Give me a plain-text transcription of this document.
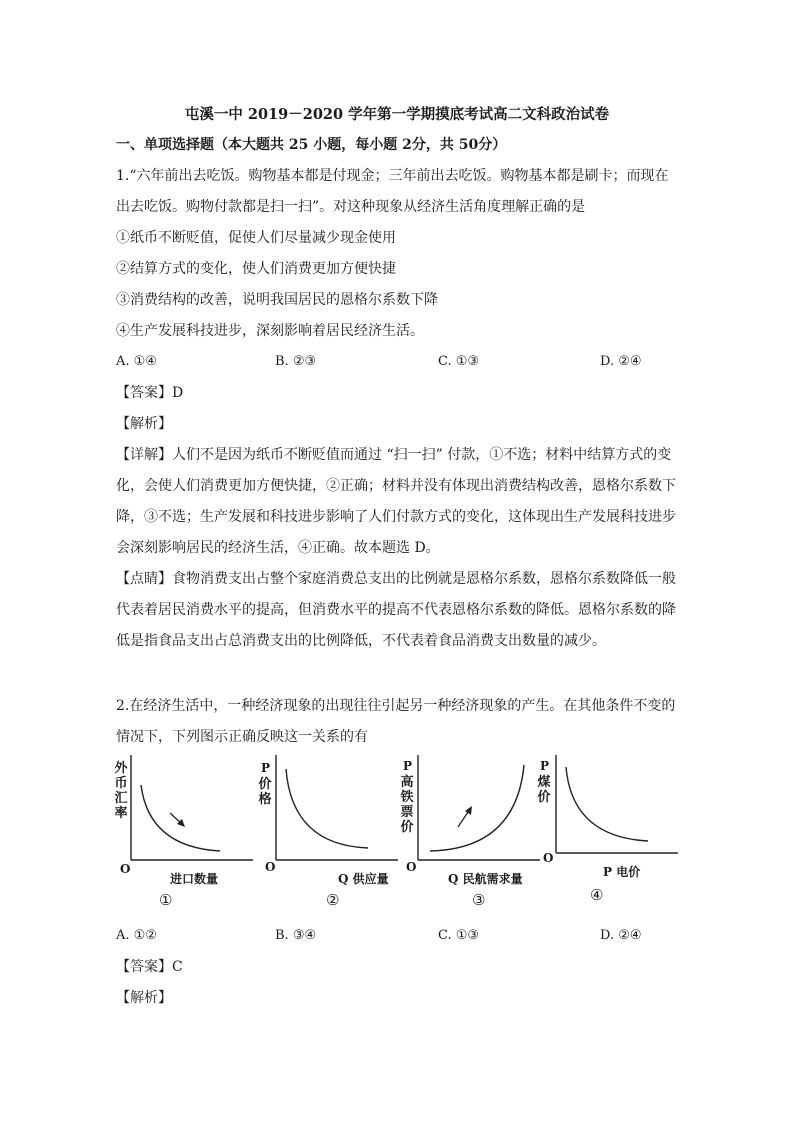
屯溪一中 2019－2020 学年第一学期摸底考试高二文科政治试卷
一、单项选择题（本大题共 25 小题，每小题 2分，共 50分）
1.“六年前出去吃饭。购物基本都是付现金；三年前出去吃饭。购物基本都是刷卡；而现在
出去吃饭。购物付款都是扫一扫”。对这种现象从经济生活角度理解正确的是
①纸币不断贬值，促使人们尽量减少现金使用
②结算方式的变化，使人们消费更加方便快捷
③消费结构的改善，说明我国居民的恩格尔系数下降
④生产发展科技进步，深刻影响着居民经济生活。
A. ①④	B. ②③	C. ①③	D. ②④
【答案】D
【解析】
【详解】人们不是因为纸币不断贬值而通过 “扫一扫” 付款，①不选；材料中结算方式的变
化，会使人们消费更加方便快捷，②正确；材料并没有体现出消费结构改善，恩格尔系数下
降，③不选；生产发展和科技进步影响了人们付款方式的变化，这体现出生产发展科技进步
会深刻影响居民的经济生活，④正确。故本题选 D。
【点睛】食物消费支出占整个家庭消费总支出的比例就是恩格尔系数，恩格尔系数降低一般
代表着居民消费水平的提高，但消费水平的提高不代表恩格尔系数的降低。恩格尔系数的降
低是指食品支出占总消费支出的比例降低，不代表着食品消费支出数量的减少。
2.在经济生活中，一种经济现象的出现往往引起另一种经济现象的产生。在其他条件不变的
情况下，下列图示正确反映这一关系的有
外
币
汇
率
O
进口数量
①
P
价
格
O
Q 供应量
②
P
高
铁
票
价
O
Q 民航需求量
③
P
煤
价
O
P 电价
④
A. ①②	B. ③④	C. ①③	D. ②④
【答案】C
【解析】
